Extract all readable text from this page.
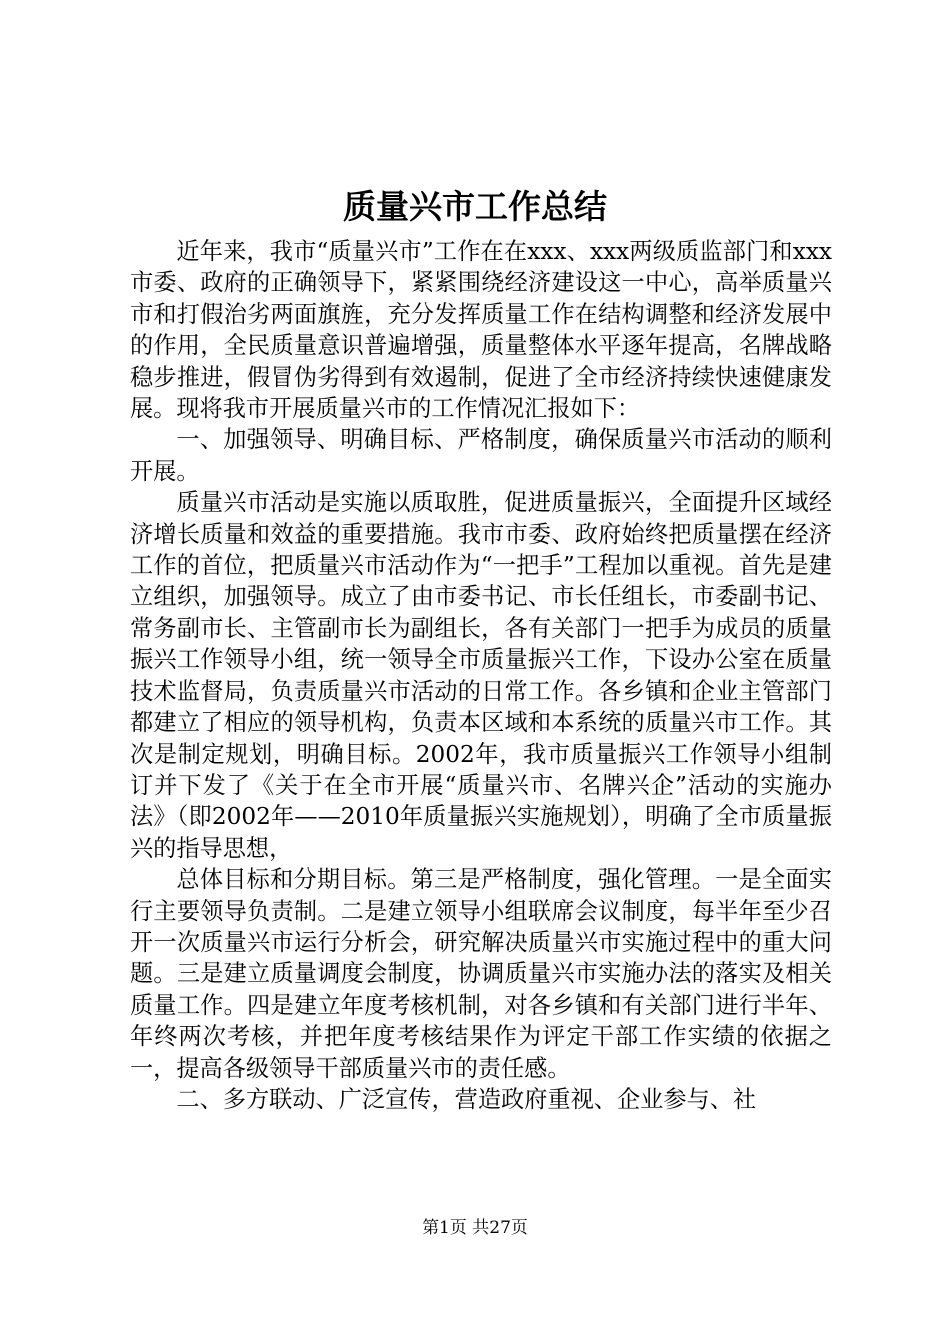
质量兴市工作总结

近年来，我市“质量兴市”工作在在xxx、xxx两级质监部门和xxx市委、政府的正确领导下，紧紧围绕经济建设这一中心，高举质量兴市和打假治劣两面旗旌，充分发挥质量工作在结构调整和经济发展中的作用，全民质量意识普遍增强，质量整体水平逐年提高，名牌战略稳步推进，假冒伪劣得到有效遏制，促进了全市经济持续快速健康发展。现将我市开展质量兴市的工作情况汇报如下：

一、加强领导、明确目标、严格制度，确保质量兴市活动的顺利开展。

质量兴市活动是实施以质取胜，促进质量振兴，全面提升区域经济增长质量和效益的重要措施。我市市委、政府始终把质量摆在经济工作的首位，把质量兴市活动作为“一把手”工程加以重视。首先是建立组织，加强领导。成立了由市委书记、市长任组长，市委副书记、常务副市长、主管副市长为副组长，各有关部门一把手为成员的质量振兴工作领导小组，统一领导全市质量振兴工作，下设办公室在质量技术监督局，负责质量兴市活动的日常工作。各乡镇和企业主管部门都建立了相应的领导机构，负责本区域和本系统的质量兴市工作。其次是制定规划，明确目标。2002年，我市质量振兴工作领导小组制订并下发了《关于在全市开展“质量兴市、名牌兴企”活动的实施办法》（即2002年——2010年质量振兴实施规划），明确了全市质量振兴的指导思想，

总体目标和分期目标。第三是严格制度，强化管理。一是全面实行主要领导负责制。二是建立领导小组联席会议制度，每半年至少召开一次质量兴市运行分析会，研究解决质量兴市实施过程中的重大问题。三是建立质量调度会制度，协调质量兴市实施办法的落实及相关质量工作。四是建立年度考核机制，对各乡镇和有关部门进行半年、年终两次考核，并把年度考核结果作为评定干部工作实绩的依据之一，提高各级领导干部质量兴市的责任感。

二、多方联动、广泛宣传，营造政府重视、企业参与、社

第1页 共27页
